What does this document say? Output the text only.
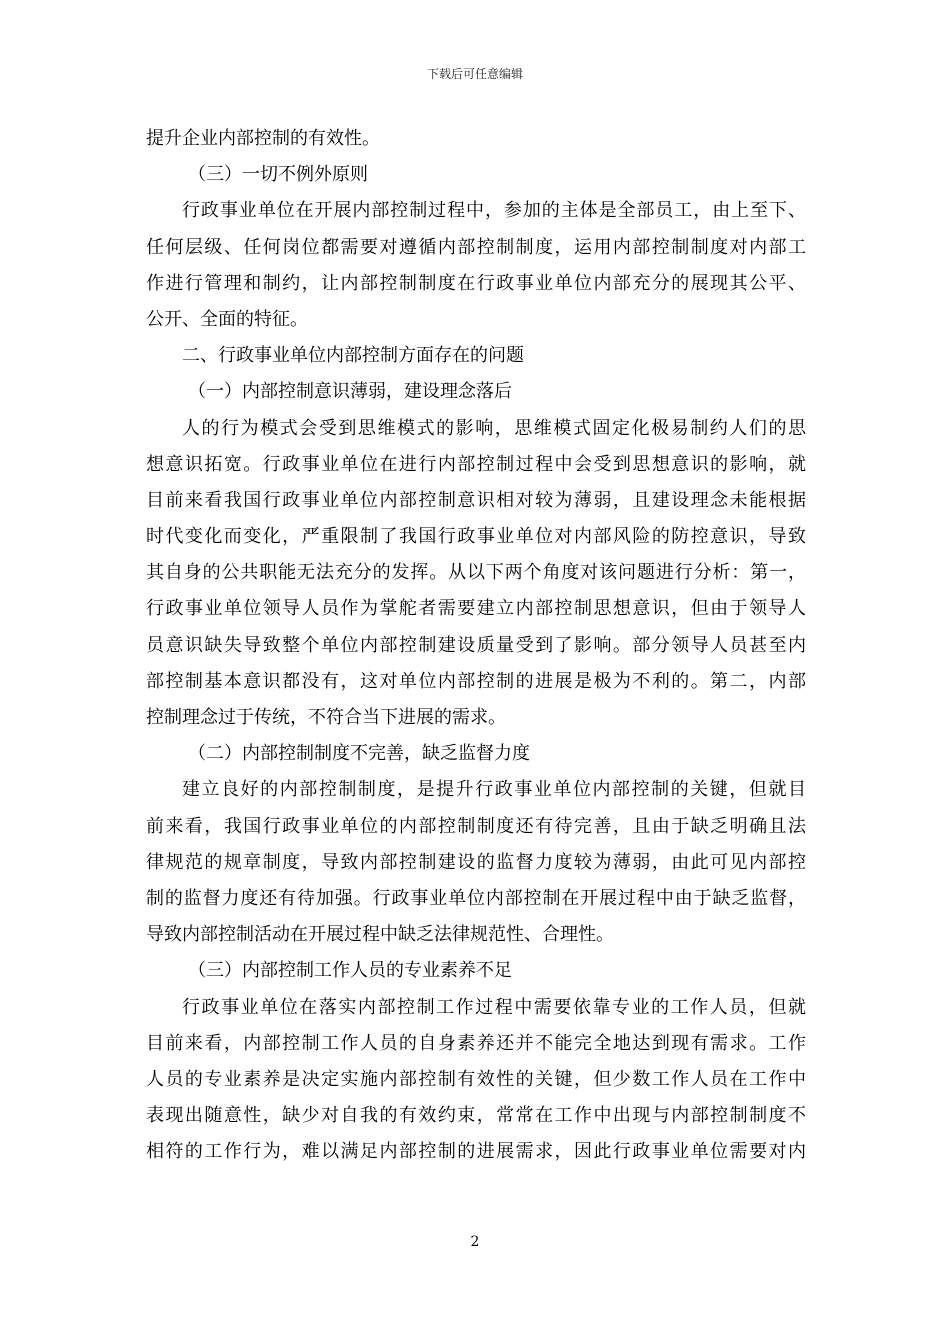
下载后可任意编辑
提升企业内部控制的有效性。
（三）一切不例外原则
行政事业单位在开展内部控制过程中，参加的主体是全部员工，由上至下、
任何层级、任何岗位都需要对遵循内部控制制度，运用内部控制制度对内部工
作进行管理和制约，让内部控制制度在行政事业单位内部充分的展现其公平、
公开、全面的特征。
二、行政事业单位内部控制方面存在的问题
（一）内部控制意识薄弱，建设理念落后
人的行为模式会受到思维模式的影响，思维模式固定化极易制约人们的思
想意识拓宽。行政事业单位在进行内部控制过程中会受到思想意识的影响，就
目前来看我国行政事业单位内部控制意识相对较为薄弱，且建设理念未能根据
时代变化而变化，严重限制了我国行政事业单位对内部风险的防控意识，导致
其自身的公共职能无法充分的发挥。从以下两个角度对该问题进行分析：第一，
行政事业单位领导人员作为掌舵者需要建立内部控制思想意识，但由于领导人
员意识缺失导致整个单位内部控制建设质量受到了影响。部分领导人员甚至内
部控制基本意识都没有，这对单位内部控制的进展是极为不利的。第二，内部
控制理念过于传统，不符合当下进展的需求。
（二）内部控制制度不完善，缺乏监督力度
建立良好的内部控制制度，是提升行政事业单位内部控制的关键，但就目
前来看，我国行政事业单位的内部控制制度还有待完善，且由于缺乏明确且法
律规范的规章制度，导致内部控制建设的监督力度较为薄弱，由此可见内部控
制的监督力度还有待加强。行政事业单位内部控制在开展过程中由于缺乏监督，
导致内部控制活动在开展过程中缺乏法律规范性、合理性。
（三）内部控制工作人员的专业素养不足
行政事业单位在落实内部控制工作过程中需要依靠专业的工作人员，但就
目前来看，内部控制工作人员的自身素养还并不能完全地达到现有需求。工作
人员的专业素养是决定实施内部控制有效性的关键，但少数工作人员在工作中
表现出随意性，缺少对自我的有效约束，常常在工作中出现与内部控制制度不
相符的工作行为，难以满足内部控制的进展需求，因此行政事业单位需要对内
2
